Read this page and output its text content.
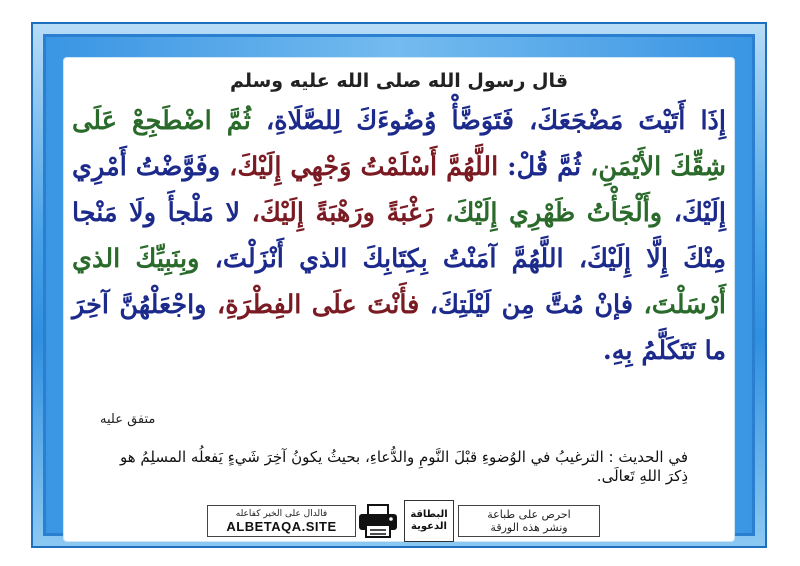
قال رسول الله صلى الله عليه وسلم
إِذَا أَتَيْتَ مَضْجَعَكَ، فَتَوَضَّأْ وُضُوءَكَ لِلصَّلَاةِ، ثُمَّ اضْطَجِعْ عَلَى شِقِّكَ الأَيْمَنِ، ثُمَّ قُلْ: اللَّهُمَّ أَسْلَمْتُ وَجْهِي إِلَيْكَ، وفَوَّضْتُ أَمْرِي إِلَيْكَ، وأَلْجَأْتُ ظَهْرِي إِلَيْكَ، رَغْبَةً ورَهْبَةً إِلَيْكَ، لا مَلْجأَ ولَا مَنْجا مِنْكَ إِلَّا إِلَيْكَ، اللَّهُمَّ آمَنْتُ بِكِتَابِكَ الذي أَنْزَلْتَ، وبِنَبِيِّكَ الذي أَرْسَلْتَ، فإنْ مُتَّ مِن لَيْلَتِكَ، فأَنْتَ علَى الفِطْرَةِ، واجْعَلْهُنَّ آخِرَ ما تَتَكَلَّمُ بِهِ.
متفق عليه
في الحديث : الترغيبُ في الوُضوءِ قبْلَ النَّومِ والدُّعاءِ، بحيثُ يكونُ آخِرَ شَيءٍ يَفعلُه المسلِمُ هو ذِكرَ اللهِ تَعالَى.
فالدال على الخير كفاعله
ALBETAQA.SITE
البطاقة الدعوية
احرص على طباعة
ونشر هذه الورقة
